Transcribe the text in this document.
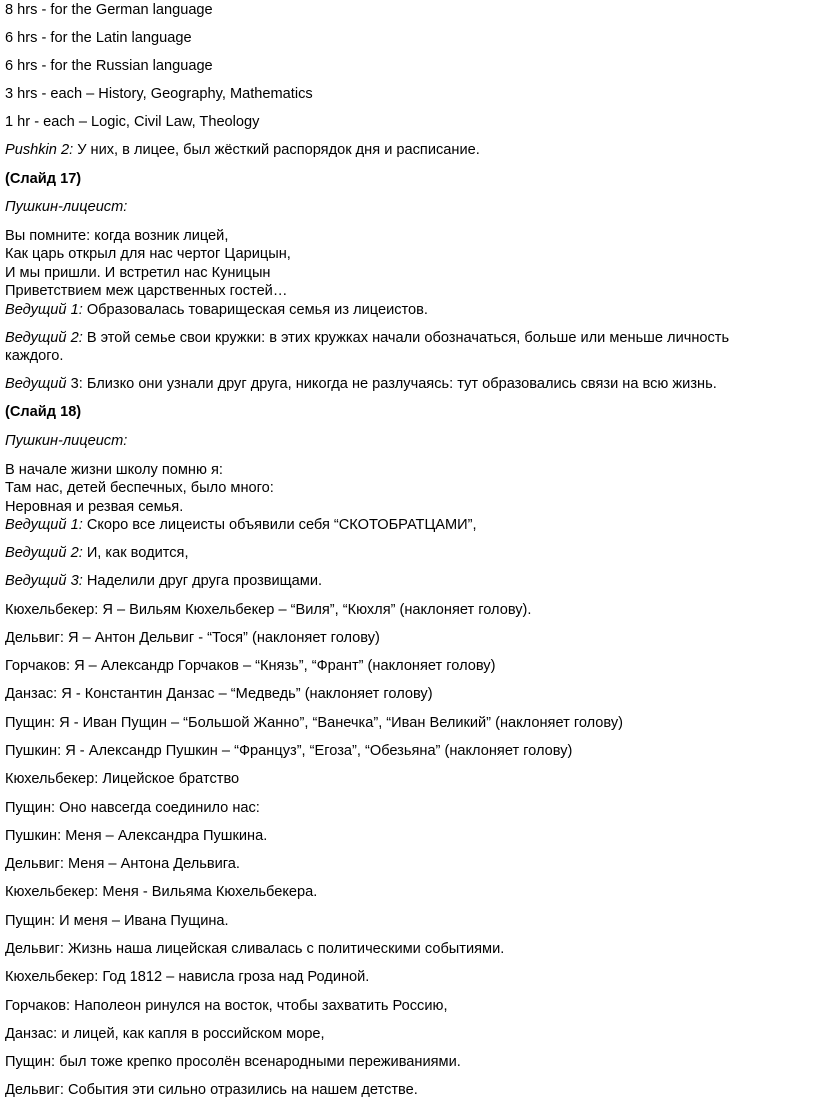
8 hrs - for the German language
6 hrs - for the Latin language
6 hrs - for the Russian language
3 hrs - each – History, Geography, Mathematics
1 hr - each – Logic, Civil Law, Theology
Pushkin 2: У них, в лицее, был жёсткий распорядок дня и расписание.
(Слайд 17)
Пушкин-лицеист:
Вы помните: когда возник лицей,
Как царь открыл для нас чертог Царицын,
И мы пришли. И встретил нас Куницын
Приветствием меж царственных гостей…
Ведущий 1: Образовалась товарищеская семья из лицеистов.
Ведущий 2: В этой семье свои кружки: в этих кружках начали обозначаться, больше или меньше личность каждого.
Ведущий 3: Близко они узнали друг друга, никогда не разлучаясь: тут образовались связи на всю жизнь.
(Слайд 18)
Пушкин-лицеист:
В начале жизни школу помню я:
Там нас, детей беспечных, было много:
Неровная и резвая семья.
Ведущий 1: Скоро все лицеисты объявили себя “СКОТОБРАТЦАМИ”,
Ведущий 2: И, как водится,
Ведущий 3: Наделили друг друга прозвищами.
Кюхельбекер: Я – Вильям Кюхельбекер – “Виля”, “Кюхля” (наклоняет голову).
Дельвиг: Я – Антон Дельвиг - “Тося” (наклоняет голову)
Горчаков: Я – Александр Горчаков – “Князь”, “Франт” (наклоняет голову)
Данзас: Я - Константин Данзас – “Медведь” (наклоняет голову)
Пущин: Я - Иван Пущин – “Большой Жанно”, “Ванечка”, “Иван Великий” (наклоняет голову)
Пушкин: Я - Александр Пушкин – “Француз”, “Егоза”, “Обезьяна” (наклоняет голову)
Кюхельбекер: Лицейское братство
Пущин: Оно навсегда соединило нас:
Пушкин: Меня – Александра Пушкина.
Дельвиг: Меня – Антона Дельвига.
Кюхельбекер: Меня - Вильяма Кюхельбекера.
Пущин: И меня – Ивана Пущина.
Дельвиг: Жизнь наша лицейская сливалась с политическими событиями.
Кюхельбекер: Год 1812 – нависла гроза над Родиной.
Горчаков: Наполеон ринулся на восток, чтобы захватить Россию,
Данзас: и лицей, как капля в российском море,
Пущин: был тоже крепко просолён всенародными переживаниями.
Дельвиг: События эти сильно отразились на нашем детстве.
